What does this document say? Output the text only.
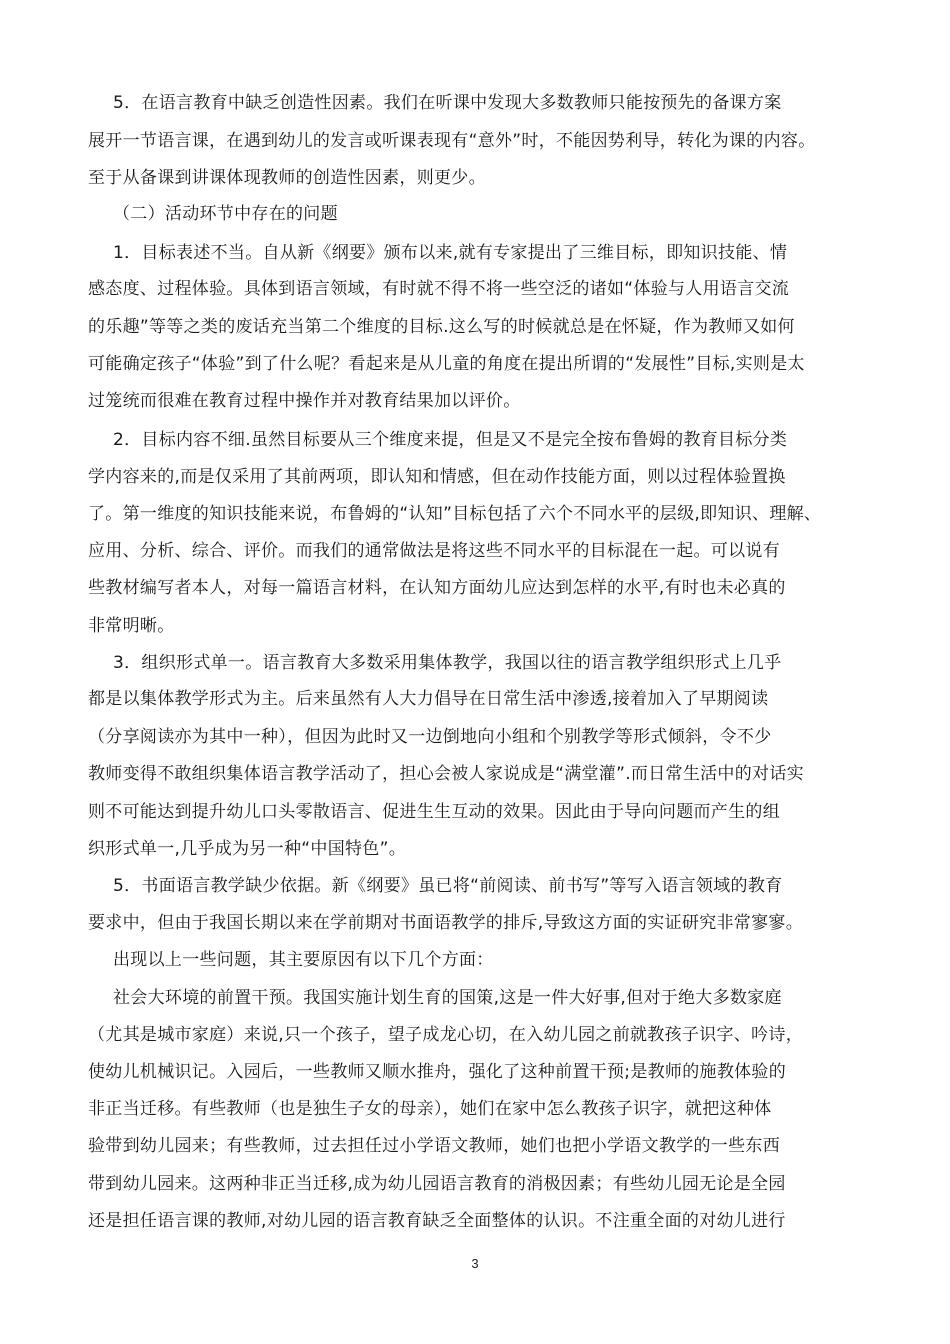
5．在语言教育中缺乏创造性因素。我们在听课中发现大多数教师只能按预先的备课方案
展开一节语言课，在遇到幼儿的发言或听课表现有“意外”时，不能因势利导，转化为课的内容。
至于从备课到讲课体现教师的创造性因素，则更少。
（二）活动环节中存在的问题
1．目标表述不当。自从新《纲要》颁布以来,就有专家提出了三维目标，即知识技能、情
感态度、过程体验。具体到语言领域，有时就不得不将一些空泛的诸如“体验与人用语言交流
的乐趣”等等之类的废话充当第二个维度的目标.这么写的时候就总是在怀疑，作为教师又如何
可能确定孩子“体验”到了什么呢？看起来是从儿童的角度在提出所谓的“发展性”目标,实则是太
过笼统而很难在教育过程中操作并对教育结果加以评价。
2．目标内容不细.虽然目标要从三个维度来提，但是又不是完全按布鲁姆的教育目标分类
学内容来的,而是仅采用了其前两项，即认知和情感，但在动作技能方面，则以过程体验置换
了。第一维度的知识技能来说，布鲁姆的“认知”目标包括了六个不同水平的层级,即知识、理解、
应用、分析、综合、评价。而我们的通常做法是将这些不同水平的目标混在一起。可以说有
些教材编写者本人，对每一篇语言材料，在认知方面幼儿应达到怎样的水平,有时也未必真的
非常明晰。
3．组织形式单一。语言教育大多数采用集体教学，我国以往的语言教学组织形式上几乎
都是以集体教学形式为主。后来虽然有人大力倡导在日常生活中渗透,接着加入了早期阅读
（分享阅读亦为其中一种），但因为此时又一边倒地向小组和个别教学等形式倾斜，令不少
教师变得不敢组织集体语言教学活动了，担心会被人家说成是“满堂灌”.而日常生活中的对话实
则不可能达到提升幼儿口头零散语言、促进生生互动的效果。因此由于导向问题而产生的组
织形式单一,几乎成为另一种“中国特色”。
5．书面语言教学缺少依据。新《纲要》虽已将“前阅读、前书写”等写入语言领域的教育
要求中，但由于我国长期以来在学前期对书面语教学的排斥,导致这方面的实证研究非常寥寥。
出现以上一些问题，其主要原因有以下几个方面：
社会大环境的前置干预。我国实施计划生育的国策,这是一件大好事,但对于绝大多数家庭
（尤其是城市家庭）来说,只一个孩子，望子成龙心切，在入幼儿园之前就教孩子识字、吟诗，
使幼儿机械识记。入园后，一些教师又顺水推舟，强化了这种前置干预;是教师的施教体验的
非正当迁移。有些教师（也是独生子女的母亲），她们在家中怎么教孩子识字，就把这种体
验带到幼儿园来；有些教师，过去担任过小学语文教师，她们也把小学语文教学的一些东西
带到幼儿园来。这两种非正当迁移,成为幼儿园语言教育的消极因素；有些幼儿园无论是全园
还是担任语言课的教师,对幼儿园的语言教育缺乏全面整体的认识。不注重全面的对幼儿进行
3
